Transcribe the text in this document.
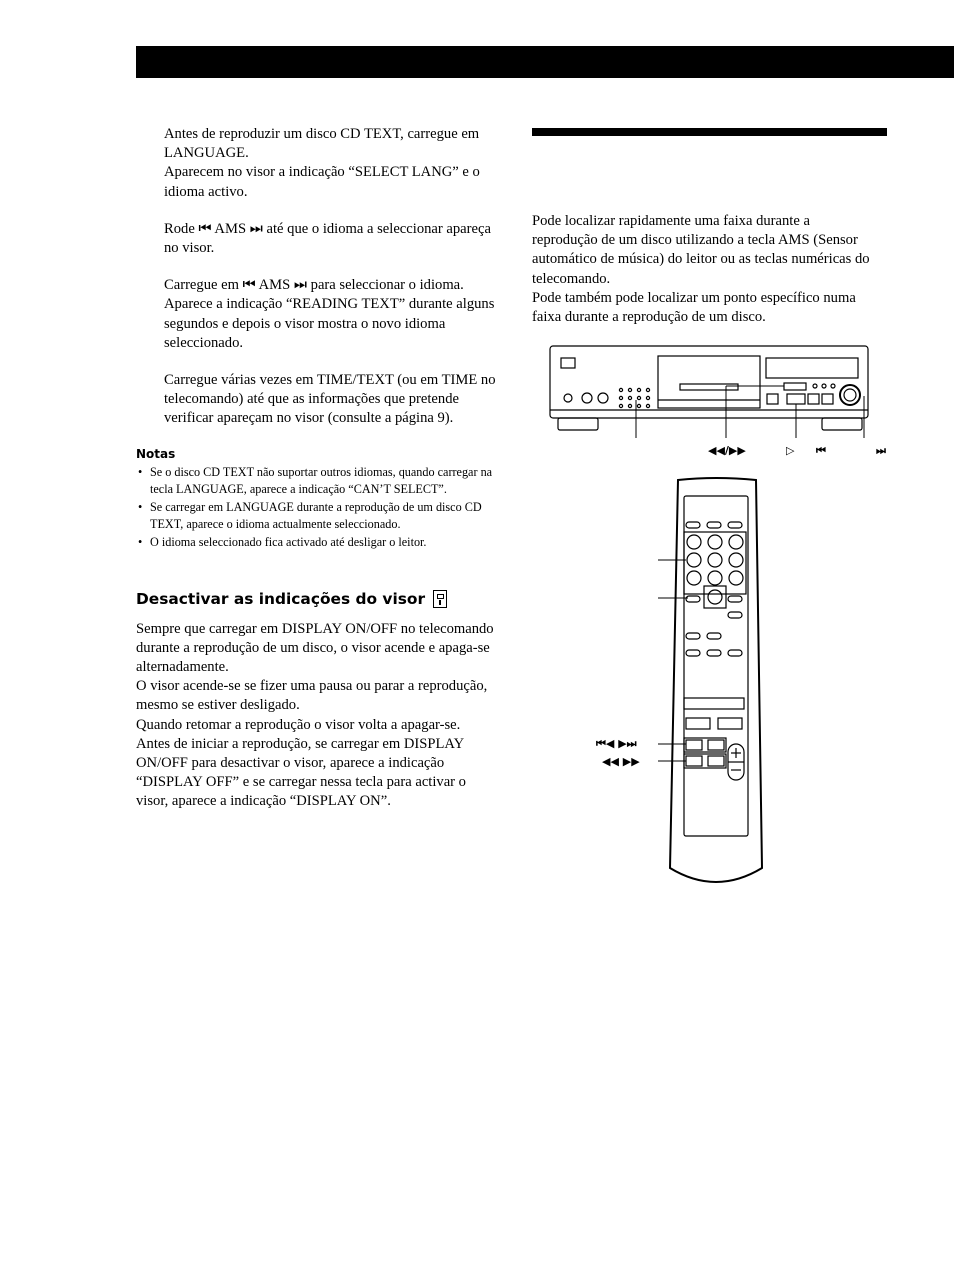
Antes de reproduzir um disco CD TEXT, carregue em LANGUAGE.

Aparecem no visor a indicação “SELECT LANG” e o idioma activo.

Rode ⏮ AMS ⏭ até que o idioma a seleccionar apareça no visor.

Carregue em ⏮ AMS ⏭ para seleccionar o idioma.

Aparece a indicação “READING TEXT” durante alguns segundos e depois o visor mostra o novo idioma seleccionado.

Carregue várias vezes em TIME/TEXT (ou em TIME no telecomando) até que as informações que pretende verificar apareçam no visor (consulte a página 9).

Notas
• Se o disco CD TEXT não suportar outros idiomas, quando carregar na tecla LANGUAGE, aparece a indicação “CAN’T SELECT”.
• Se carregar em LANGUAGE durante a reprodução de um disco CD TEXT, aparece o idioma actualmente seleccionado.
• O idioma seleccionado fica activado até desligar o leitor.
Desactivar as indicações do visor

Sempre que carregar em DISPLAY ON/OFF no telecomando durante a reprodução de um disco, o visor acende e apaga-se alternadamente.

O visor acende-se se fizer uma pausa ou parar a reprodução, mesmo se estiver desligado.

Quando retomar a reprodução o visor volta a apagar-se.

Antes de iniciar a reprodução, se carregar em DISPLAY ON/OFF para desactivar o visor, aparece a indicação “DISPLAY OFF” e se carregar nessa tecla para activar o visor, aparece a indicação “DISPLAY ON”.

Pode localizar rapidamente uma faixa durante a reprodução de um disco utilizando a tecla AMS (Sensor automático de música) do leitor ou as teclas numéricas do telecomando.

Pode também pode localizar um ponto específico numa faixa durante a reprodução de um disco.

◀◀/▶▶	▷ ⏮	⏭
⏮◀ ▶⏭
◀◀ ▶▶
